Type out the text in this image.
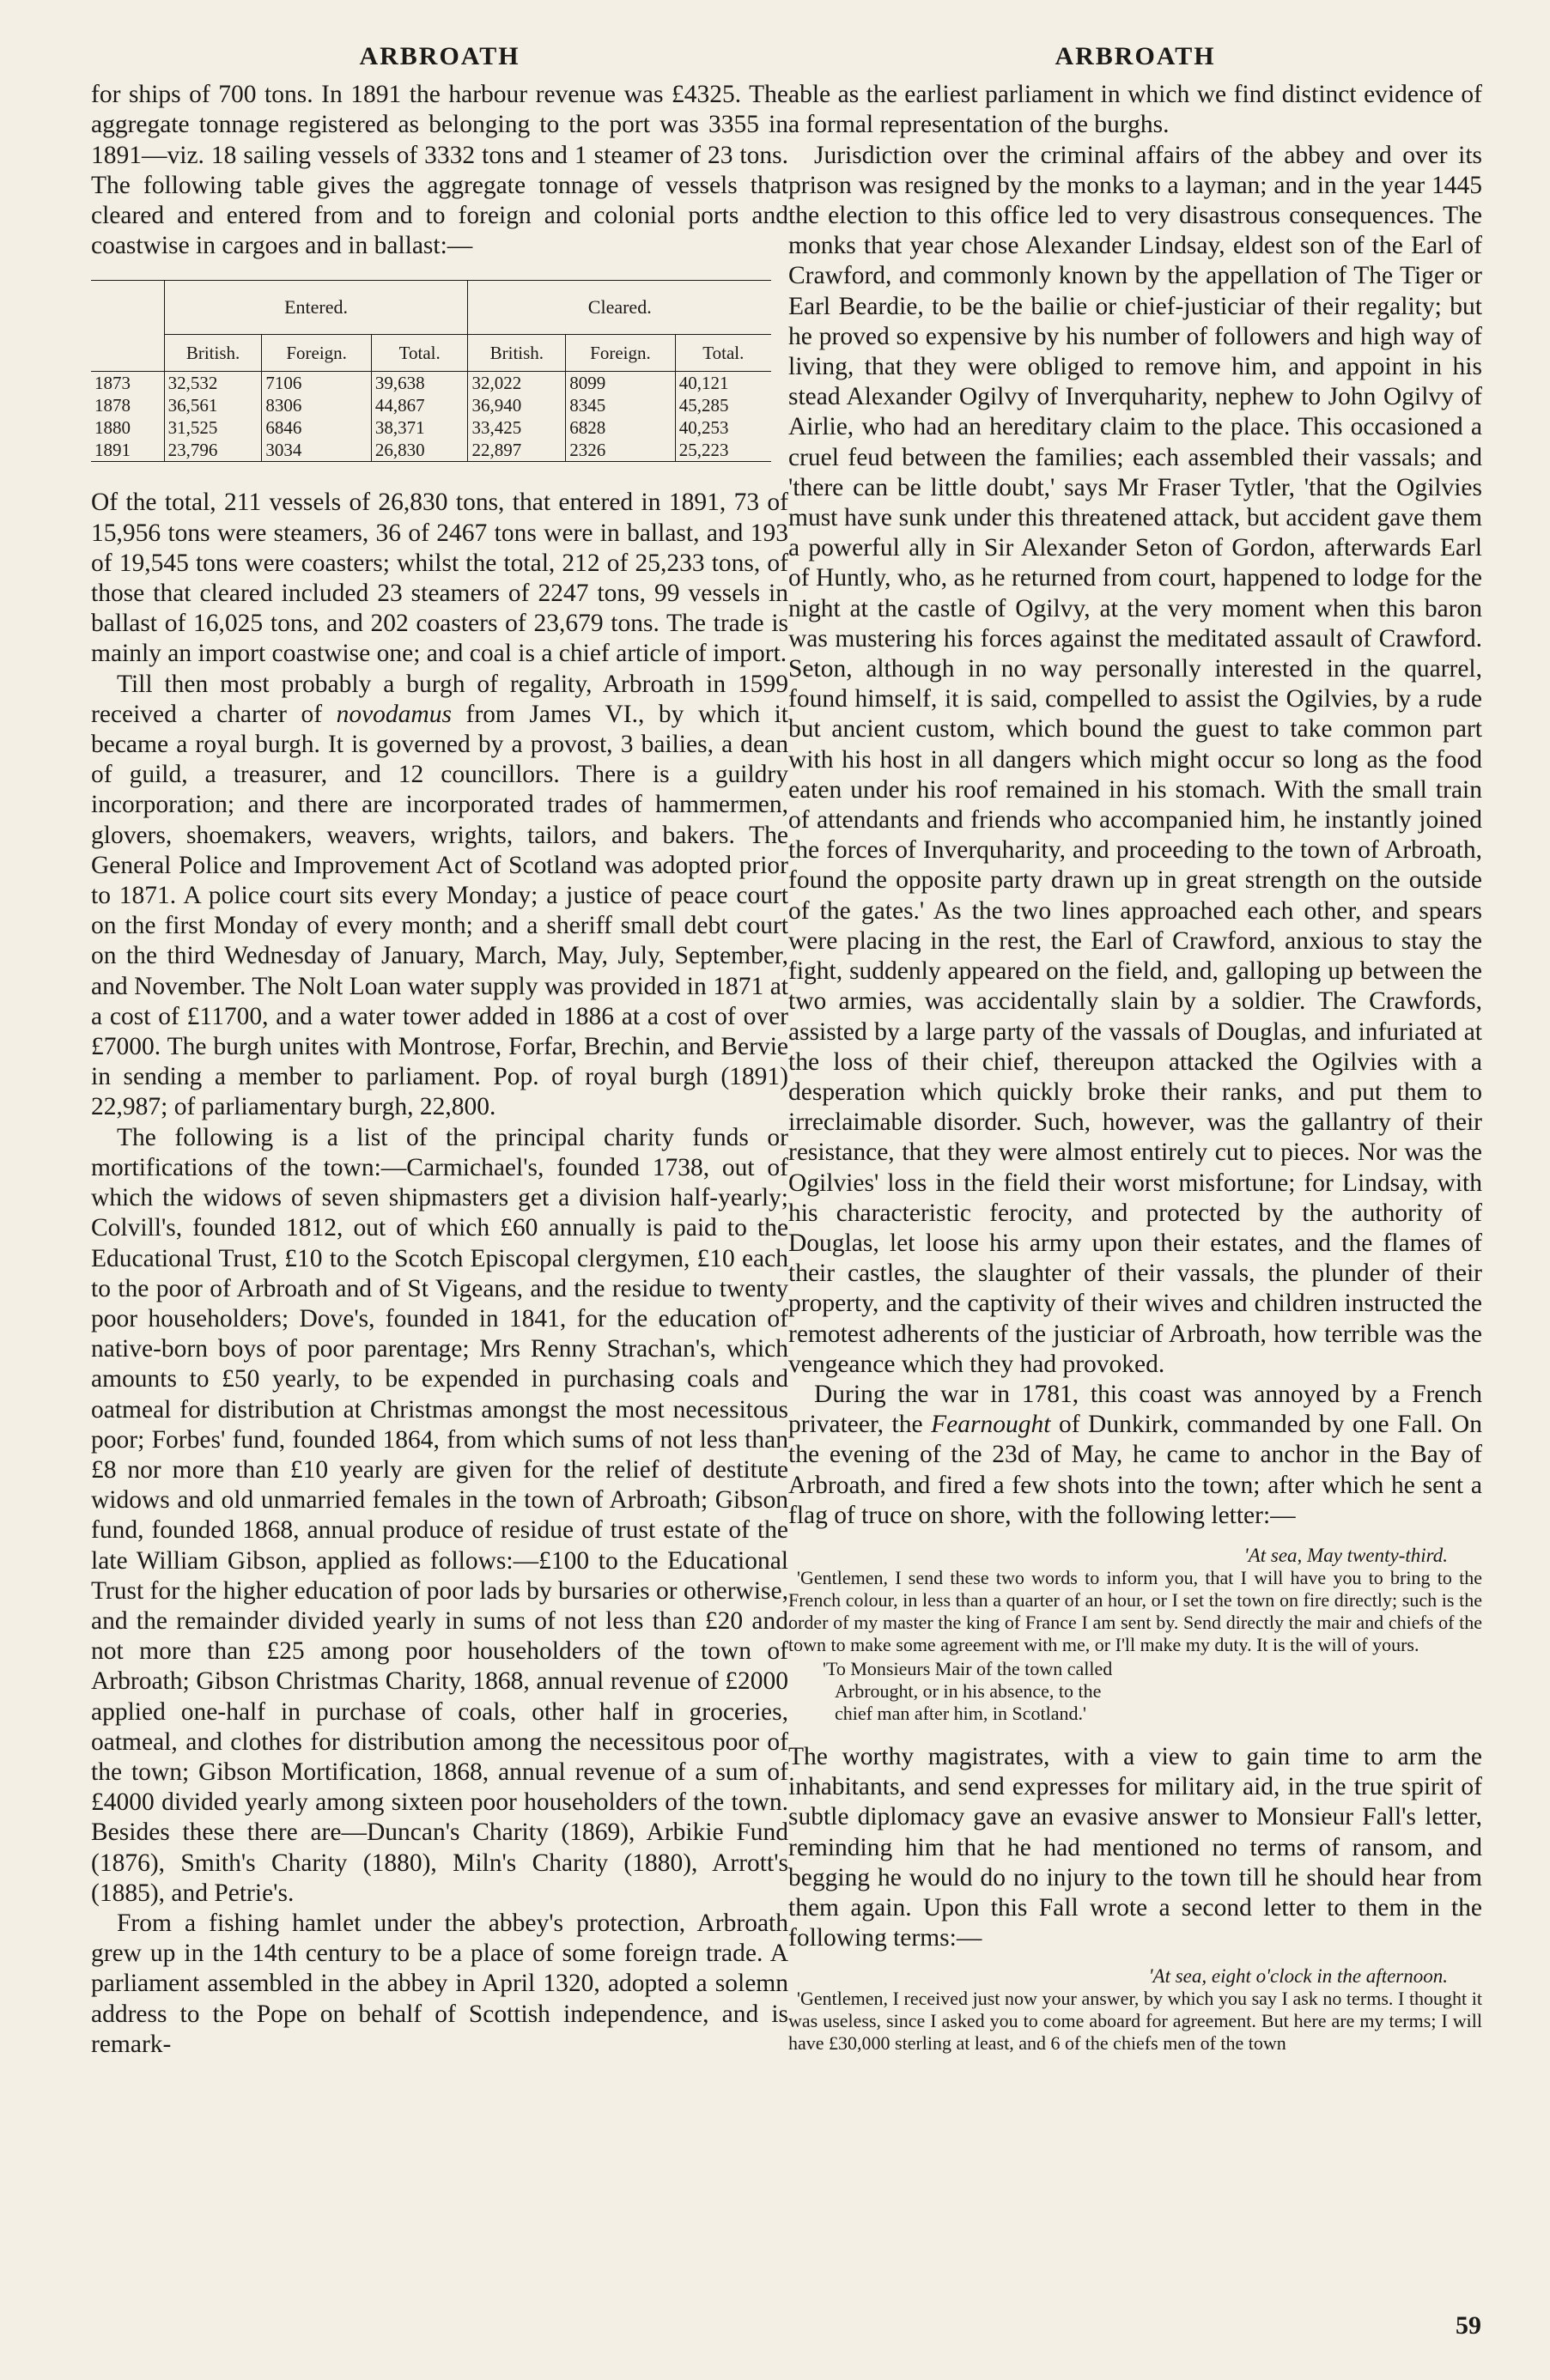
ARBROATH

for ships of 700 tons. In 1891 the harbour revenue was £4325. The aggregate tonnage registered as belonging to the port was 3355 in 1891—viz. 18 sailing vessels of 3332 tons and 1 steamer of 23 tons. The following table gives the aggregate tonnage of vessels that cleared and entered from and to foreign and colonial ports and coastwise in cargoes and in ballast:—

	Entered.			Cleared.		
	British.	Foreign.	Total.	British.	Foreign.	Total.
1873	32,532	7106	39,638	32,022	8099	40,121
1878	36,561	8306	44,867	36,940	8345	45,285
1880	31,525	6846	38,371	33,425	6828	40,253
1891	23,796	3034	26,830	22,897	2326	25,223

Of the total, 211 vessels of 26,830 tons, that entered in 1891, 73 of 15,956 tons were steamers, 36 of 2467 tons were in ballast, and 193 of 19,545 tons were coasters; whilst the total, 212 of 25,233 tons, of those that cleared included 23 steamers of 2247 tons, 99 vessels in ballast of 16,025 tons, and 202 coasters of 23,679 tons. The trade is mainly an import coastwise one; and coal is a chief article of import.

Till then most probably a burgh of regality, Arbroath in 1599 received a charter of novodamus from James VI., by which it became a royal burgh. It is governed by a provost, 3 bailies, a dean of guild, a treasurer, and 12 councillors. There is a guildry incorporation; and there are incorporated trades of hammermen, glovers, shoemakers, weavers, wrights, tailors, and bakers. The General Police and Improvement Act of Scotland was adopted prior to 1871. A police court sits every Monday; a justice of peace court on the first Monday of every month; and a sheriff small debt court on the third Wednesday of January, March, May, July, September, and November. The Nolt Loan water supply was provided in 1871 at a cost of £11700, and a water tower added in 1886 at a cost of over £7000. The burgh unites with Montrose, Forfar, Brechin, and Bervie in sending a member to parliament. Pop. of royal burgh (1891) 22,987; of parliamentary burgh, 22,800.

The following is a list of the principal charity funds or mortifications of the town:—Carmichael's, founded 1738, out of which the widows of seven shipmasters get a division half-yearly; Colvill's, founded 1812, out of which £60 annually is paid to the Educational Trust, £10 to the Scotch Episcopal clergymen, £10 each to the poor of Arbroath and of St Vigeans, and the residue to twenty poor householders; Dove's, founded in 1841, for the education of native-born boys of poor parentage; Mrs Renny Strachan's, which amounts to £50 yearly, to be expended in purchasing coals and oatmeal for distribution at Christmas amongst the most necessitous poor; Forbes' fund, founded 1864, from which sums of not less than £8 nor more than £10 yearly are given for the relief of destitute widows and old unmarried females in the town of Arbroath; Gibson fund, founded 1868, annual produce of residue of trust estate of the late William Gibson, applied as follows:—£100 to the Educational Trust for the higher education of poor lads by bursaries or otherwise, and the remainder divided yearly in sums of not less than £20 and not more than £25 among poor householders of the town of Arbroath; Gibson Christmas Charity, 1868, annual revenue of £2000 applied one-half in purchase of coals, other half in groceries, oatmeal, and clothes for distribution among the necessitous poor of the town; Gibson Mortification, 1868, annual revenue of a sum of £4000 divided yearly among sixteen poor householders of the town. Besides these there are—Duncan's Charity (1869), Arbikie Fund (1876), Smith's Charity (1880), Miln's Charity (1880), Arrott's (1885), and Petrie's.

From a fishing hamlet under the abbey's protection, Arbroath grew up in the 14th century to be a place of some foreign trade. A parliament assembled in the abbey in April 1320, adopted a solemn address to the Pope on behalf of Scottish independence, and is remark-

ARBROATH

able as the earliest parliament in which we find distinct evidence of a formal representation of the burghs.

Jurisdiction over the criminal affairs of the abbey and over its prison was resigned by the monks to a layman; and in the year 1445 the election to this office led to very disastrous consequences. The monks that year chose Alexander Lindsay, eldest son of the Earl of Crawford, and commonly known by the appellation of The Tiger or Earl Beardie, to be the bailie or chief-justiciar of their regality; but he proved so expensive by his number of followers and high way of living, that they were obliged to remove him, and appoint in his stead Alexander Ogilvy of Inverquharity, nephew to John Ogilvy of Airlie, who had an hereditary claim to the place. This occasioned a cruel feud between the families; each assembled their vassals; and 'there can be little doubt,' says Mr Fraser Tytler, 'that the Ogilvies must have sunk under this threatened attack, but accident gave them a powerful ally in Sir Alexander Seton of Gordon, afterwards Earl of Huntly, who, as he returned from court, happened to lodge for the night at the castle of Ogilvy, at the very moment when this baron was mustering his forces against the meditated assault of Crawford. Seton, although in no way personally interested in the quarrel, found himself, it is said, compelled to assist the Ogilvies, by a rude but ancient custom, which bound the guest to take common part with his host in all dangers which might occur so long as the food eaten under his roof remained in his stomach. With the small train of attendants and friends who accompanied him, he instantly joined the forces of Inverquharity, and proceeding to the town of Arbroath, found the opposite party drawn up in great strength on the outside of the gates.' As the two lines approached each other, and spears were placing in the rest, the Earl of Crawford, anxious to stay the fight, suddenly appeared on the field, and, galloping up between the two armies, was accidentally slain by a soldier. The Crawfords, assisted by a large party of the vassals of Douglas, and infuriated at the loss of their chief, thereupon attacked the Ogilvies with a desperation which quickly broke their ranks, and put them to irreclaimable disorder. Such, however, was the gallantry of their resistance, that they were almost entirely cut to pieces. Nor was the Ogilvies' loss in the field their worst misfortune; for Lindsay, with his characteristic ferocity, and protected by the authority of Douglas, let loose his army upon their estates, and the flames of their castles, the slaughter of their vassals, the plunder of their property, and the captivity of their wives and children instructed the remotest adherents of the justiciar of Arbroath, how terrible was the vengeance which they had provoked.

During the war in 1781, this coast was annoyed by a French privateer, the Fearnought of Dunkirk, commanded by one Fall. On the evening of the 23d of May, he came to anchor in the Bay of Arbroath, and fired a few shots into the town; after which he sent a flag of truce on shore, with the following letter:—

'At sea, May twenty-third.
'Gentlemen, I send these two words to inform you, that I will have you to bring to the French colour, in less than a quarter of an hour, or I set the town on fire directly; such is the order of my master the king of France I am sent by. Send directly the mair and chiefs of the town to make some agreement with me, or I'll make my duty. It is the will of yours.
'To Monsieurs Mair of the town called
Arbrought, or in his absence, to the
chief man after him, in Scotland.'

The worthy magistrates, with a view to gain time to arm the inhabitants, and send expresses for military aid, in the true spirit of subtle diplomacy gave an evasive answer to Monsieur Fall's letter, reminding him that he had mentioned no terms of ransom, and begging he would do no injury to the town till he should hear from them again. Upon this Fall wrote a second letter to them in the following terms:—

'At sea, eight o'clock in the afternoon.
'Gentlemen, I received just now your answer, by which you say I ask no terms. I thought it was useless, since I asked you to come aboard for agreement. But here are my terms; I will have £30,000 sterling at least, and 6 of the chiefs men of the town
59
